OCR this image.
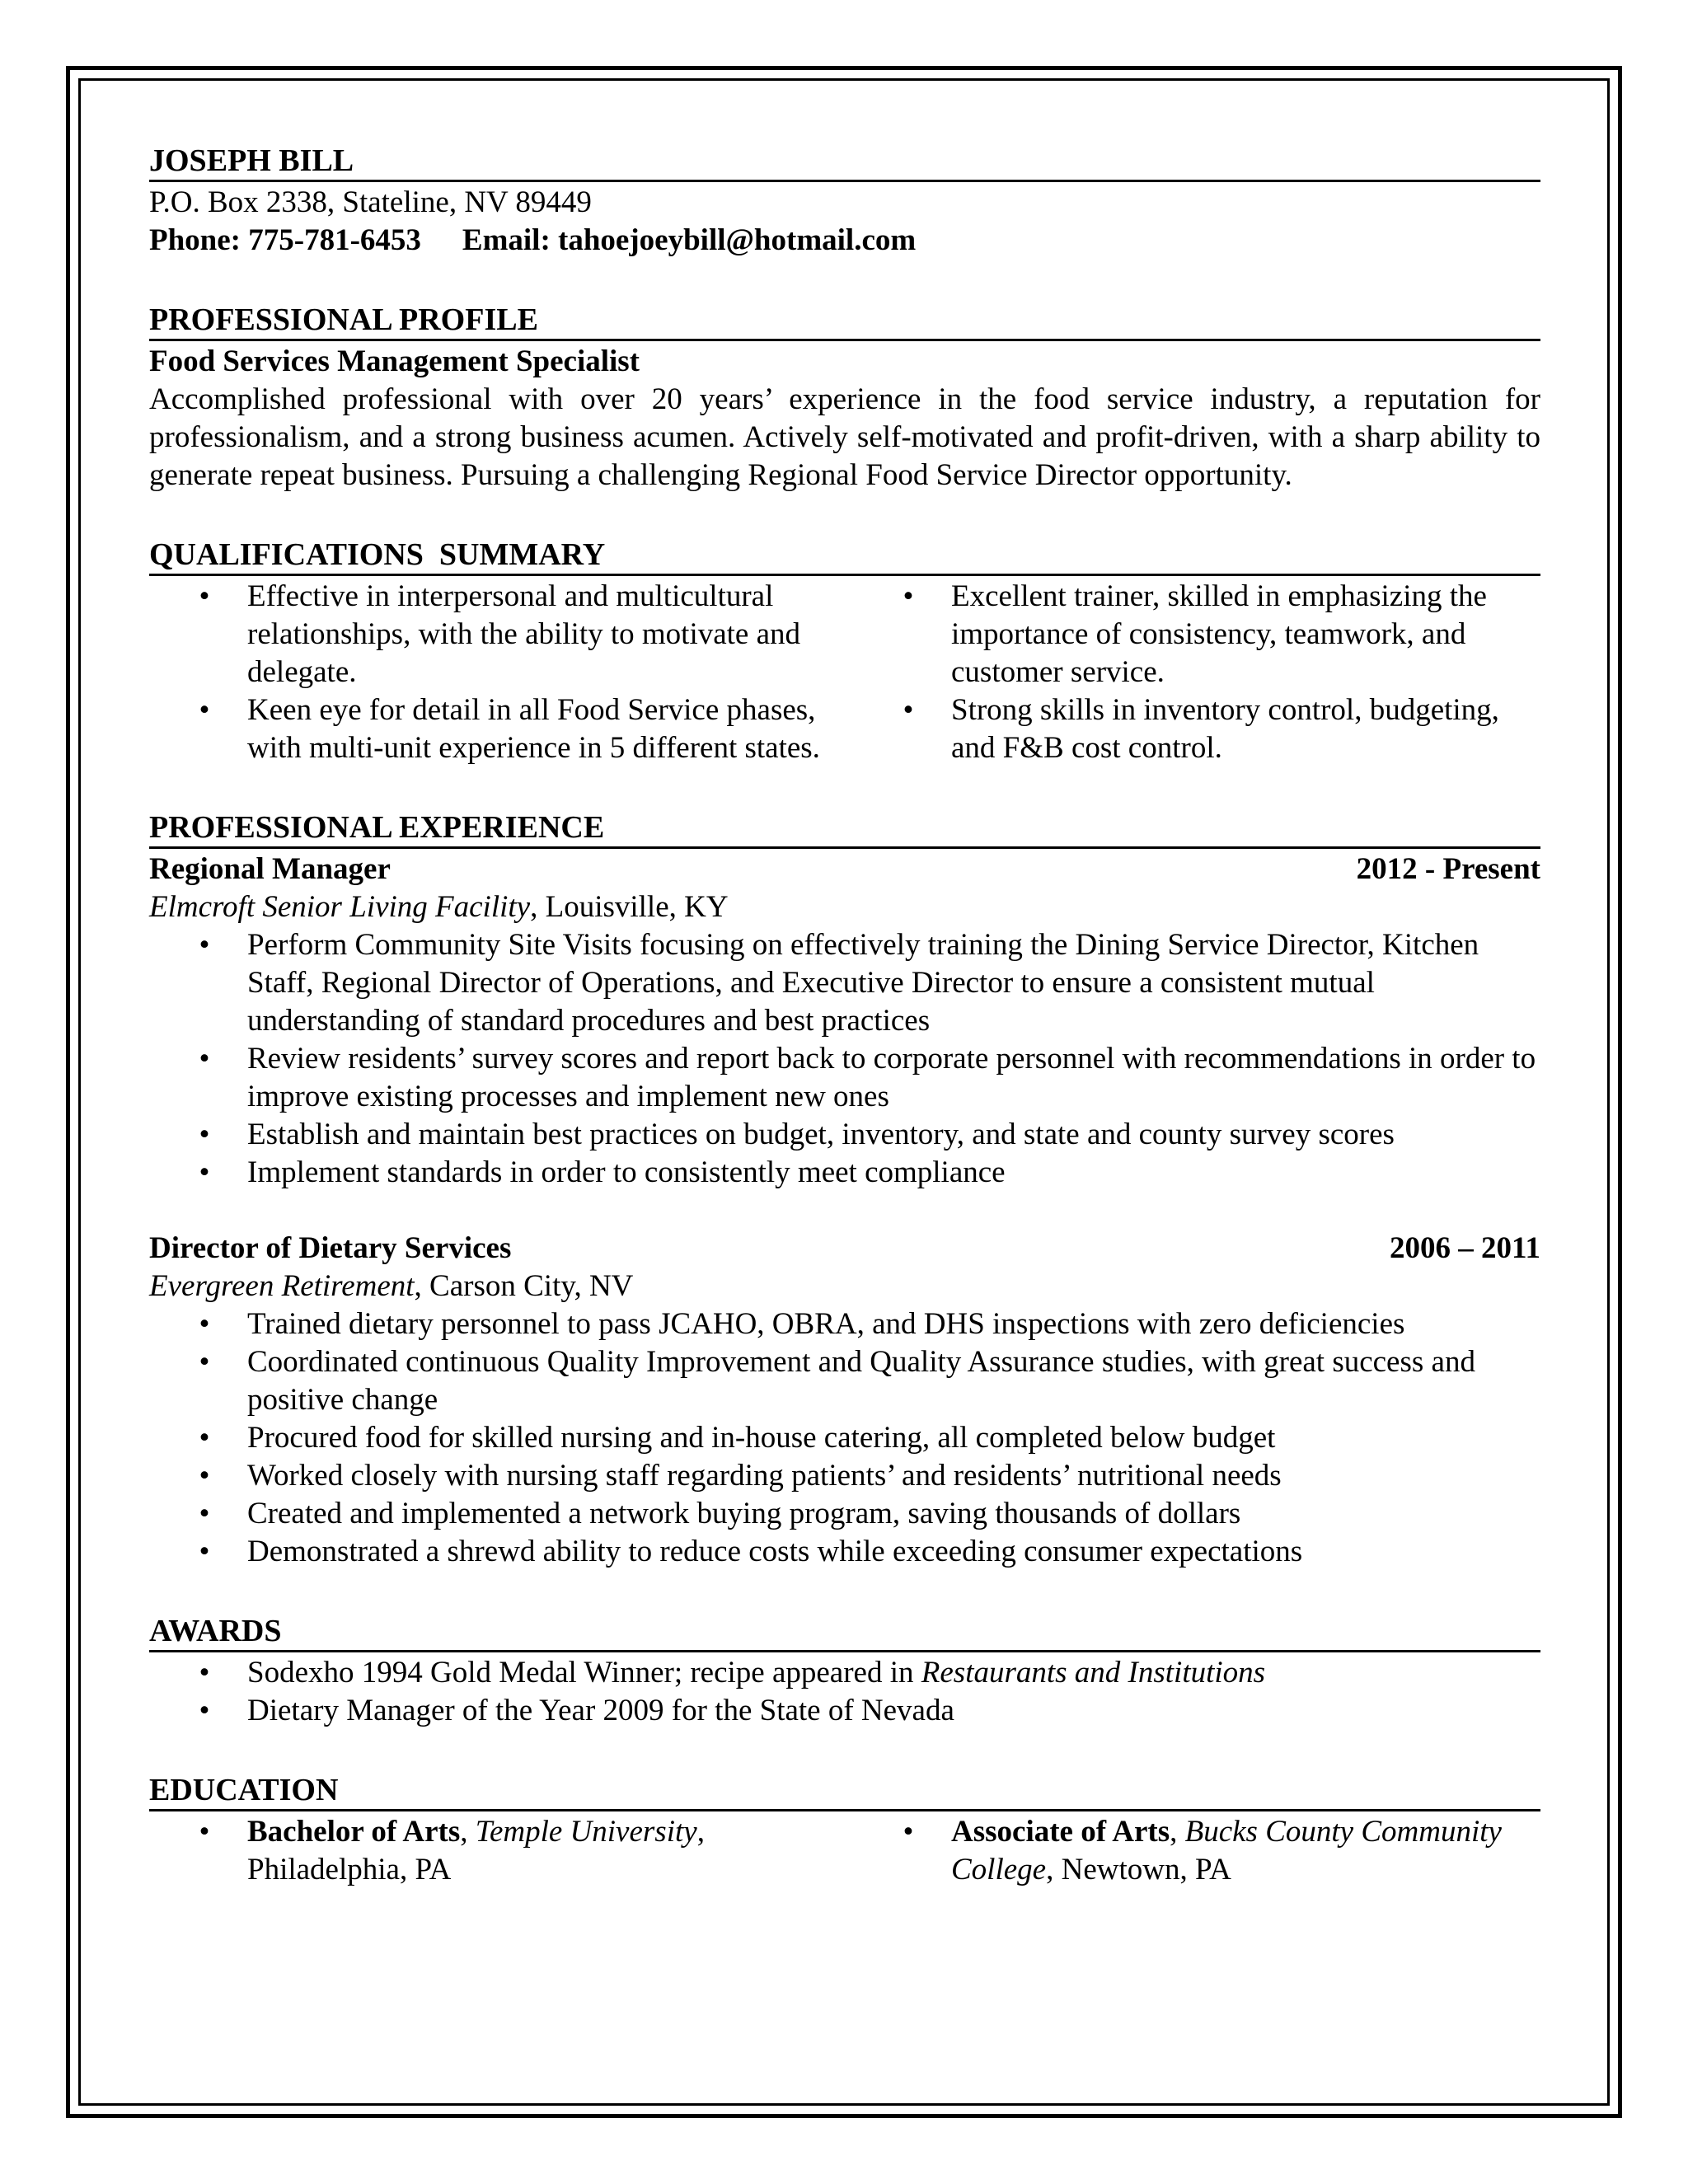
JOSEPH BILL
P.O. Box 2338, Stateline, NV 89449
Phone: 775-781-6453 Email: tahoejoeybill@hotmail.com
PROFESSIONAL PROFILE
Food Services Management Specialist
Accomplished professional with over 20 years’ experience in the food service industry, a reputation for professionalism, and a strong business acumen. Actively self-motivated and profit-driven, with a sharp ability to generate repeat business. Pursuing a challenging Regional Food Service Director opportunity.
QUALIFICATIONS  SUMMARY
• Effective in interpersonal and multicultural relationships, with the ability to motivate and delegate.
• Keen eye for detail in all Food Service phases, with multi-unit experience in 5 different states.
• Excellent trainer, skilled in emphasizing the importance of consistency, teamwork, and customer service.
• Strong skills in inventory control, budgeting, and F&B cost control.
PROFESSIONAL EXPERIENCE
Regional Manager	2012 - Present
Elmcroft Senior Living Facility, Louisville, KY
• Perform Community Site Visits focusing on effectively training the Dining Service Director, Kitchen Staff, Regional Director of Operations, and Executive Director to ensure a consistent mutual understanding of standard procedures and best practices
• Review residents’ survey scores and report back to corporate personnel with recommendations in order to improve existing processes and implement new ones
• Establish and maintain best practices on budget, inventory, and state and county survey scores
• Implement standards in order to consistently meet compliance
Director of Dietary Services	2006 – 2011
Evergreen Retirement, Carson City, NV
• Trained dietary personnel to pass JCAHO, OBRA, and DHS inspections with zero deficiencies
• Coordinated continuous Quality Improvement and Quality Assurance studies, with great success and positive change
• Procured food for skilled nursing and in-house catering, all completed below budget
• Worked closely with nursing staff regarding patients’ and residents’ nutritional needs
• Created and implemented a network buying program, saving thousands of dollars
• Demonstrated a shrewd ability to reduce costs while exceeding consumer expectations
AWARDS
• Sodexho 1994 Gold Medal Winner; recipe appeared in Restaurants and Institutions
• Dietary Manager of the Year 2009 for the State of Nevada
EDUCATION
• Bachelor of Arts, Temple University, Philadelphia, PA
• Associate of Arts, Bucks County Community College, Newtown, PA
